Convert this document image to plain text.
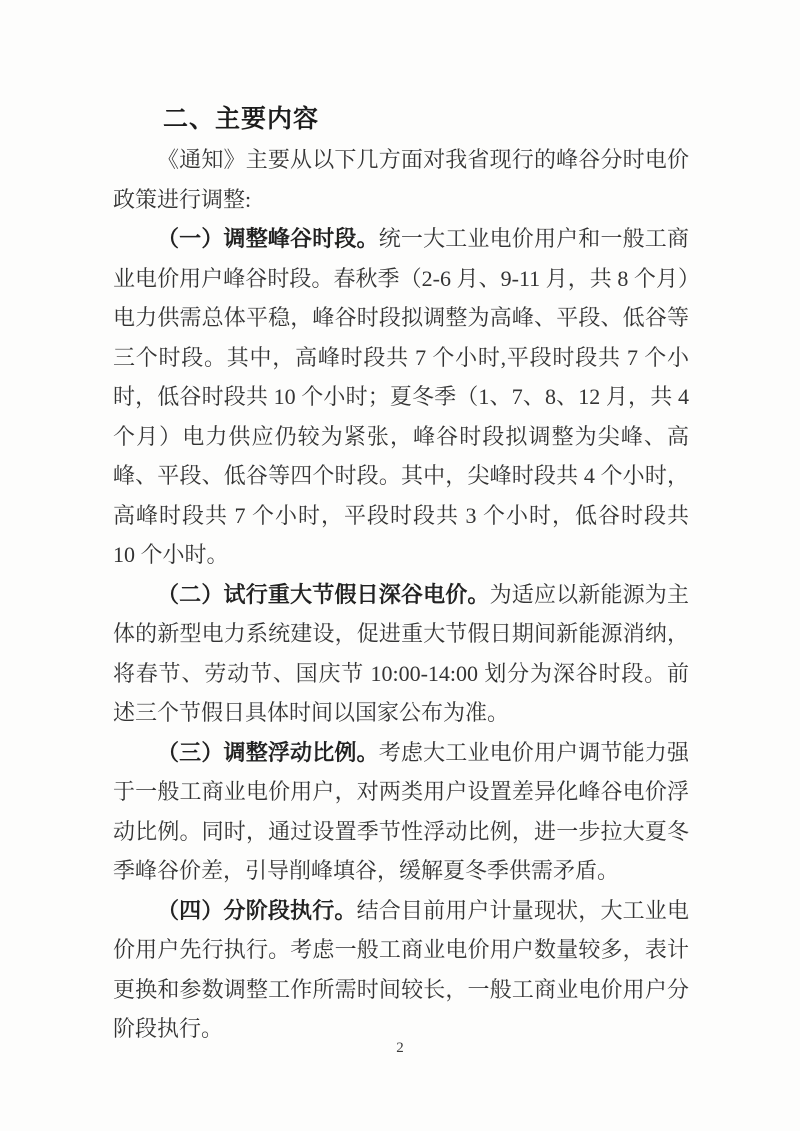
二、主要内容

《通知》主要从以下几方面对我省现行的峰谷分时电价政策进行调整:

（一）调整峰谷时段。统一大工业电价用户和一般工商业电价用户峰谷时段。春秋季（2-6 月、9-11 月，共 8 个月）电力供需总体平稳，峰谷时段拟调整为高峰、平段、低谷等三个时段。其中，高峰时段共 7 个小时,平段时段共 7 个小时，低谷时段共 10 个小时；夏冬季（1、7、8、12 月，共 4 个月）电力供应仍较为紧张，峰谷时段拟调整为尖峰、高峰、平段、低谷等四个时段。其中，尖峰时段共 4 个小时，高峰时段共 7 个小时，平段时段共 3 个小时，低谷时段共 10 个小时。

（二）试行重大节假日深谷电价。为适应以新能源为主体的新型电力系统建设，促进重大节假日期间新能源消纳，将春节、劳动节、国庆节 10:00-14:00 划分为深谷时段。前述三个节假日具体时间以国家公布为准。

（三）调整浮动比例。考虑大工业电价用户调节能力强于一般工商业电价用户，对两类用户设置差异化峰谷电价浮动比例。同时，通过设置季节性浮动比例，进一步拉大夏冬季峰谷价差，引导削峰填谷，缓解夏冬季供需矛盾。

（四）分阶段执行。结合目前用户计量现状，大工业电价用户先行执行。考虑一般工商业电价用户数量较多，表计更换和参数调整工作所需时间较长，一般工商业电价用户分阶段执行。

2
